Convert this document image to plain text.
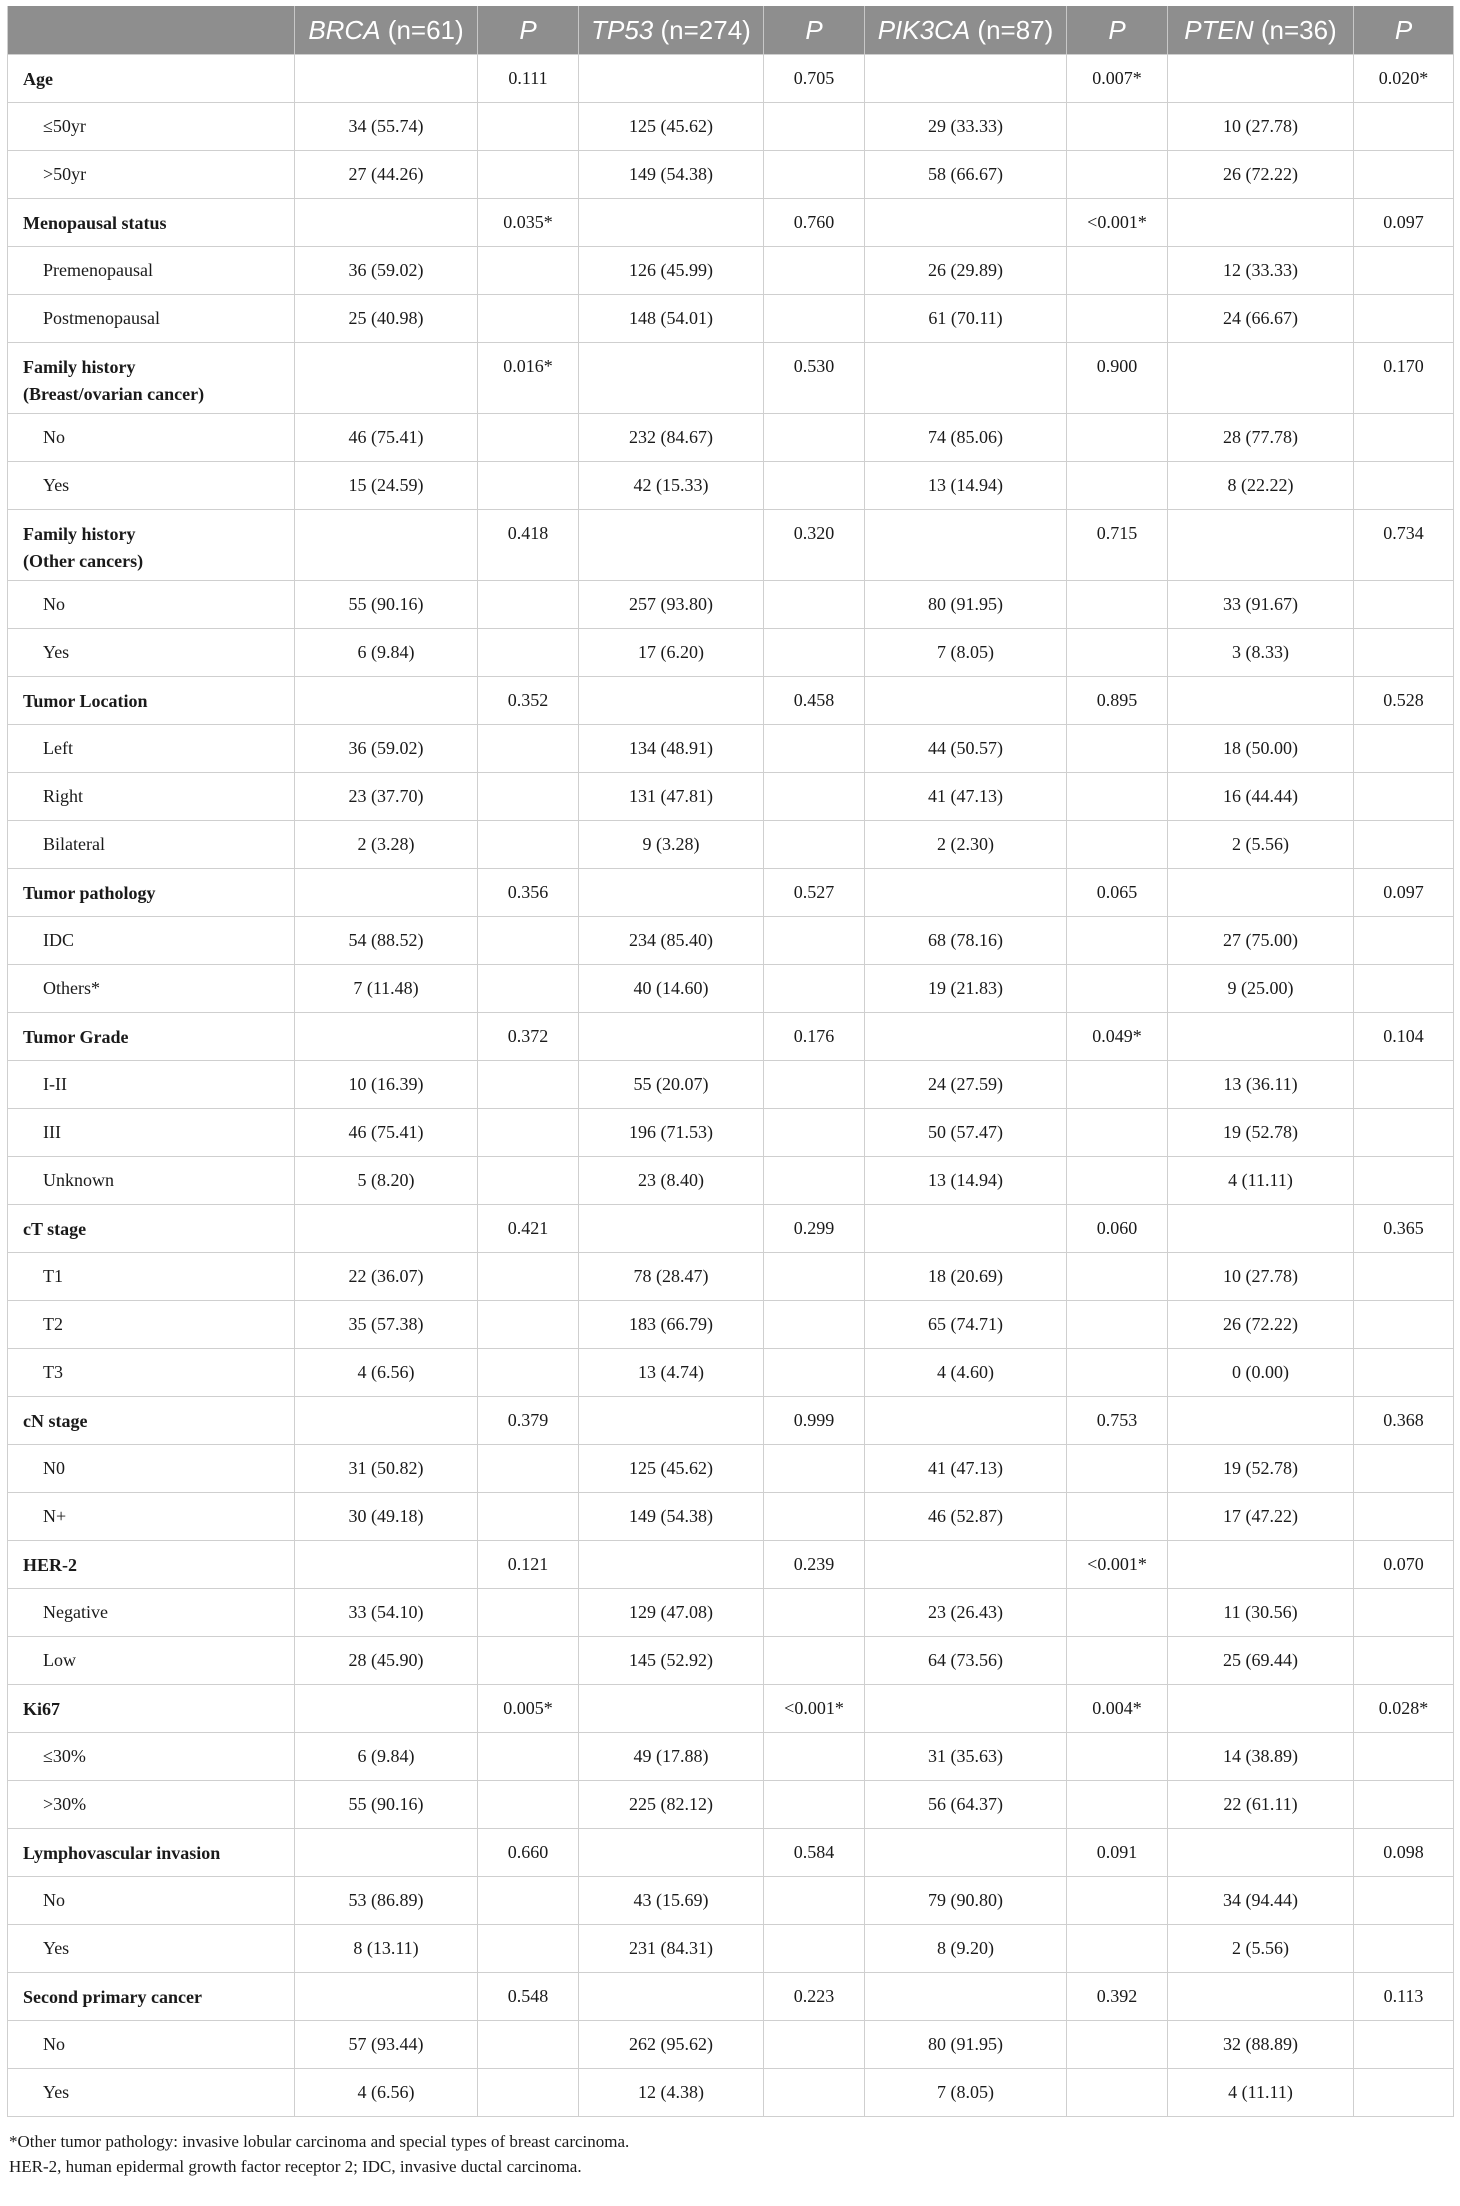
	BRCA (n=61)	P	TP53 (n=274)	P	PIK3CA (n=87)	P	PTEN (n=36)	P
Age		0.111		0.705		0.007*		0.020*
≤50yr	34 (55.74)		125 (45.62)		29 (33.33)		10 (27.78)	
>50yr	27 (44.26)		149 (54.38)		58 (66.67)		26 (72.22)	
Menopausal status		0.035*		0.760		<0.001*		0.097
Premenopausal	36 (59.02)		126 (45.99)		26 (29.89)		12 (33.33)	
Postmenopausal	25 (40.98)		148 (54.01)		61 (70.11)		24 (66.67)	
Family history
(Breast/ovarian cancer)		0.016*		0.530		0.900		0.170
No	46 (75.41)		232 (84.67)		74 (85.06)		28 (77.78)	
Yes	15 (24.59)		42 (15.33)		13 (14.94)		8 (22.22)	
Family history
(Other cancers)		0.418		0.320		0.715		0.734
No	55 (90.16)		257 (93.80)		80 (91.95)		33 (91.67)	
Yes	6 (9.84)		17 (6.20)		7 (8.05)		3 (8.33)	
Tumor Location		0.352		0.458		0.895		0.528
Left	36 (59.02)		134 (48.91)		44 (50.57)		18 (50.00)	
Right	23 (37.70)		131 (47.81)		41 (47.13)		16 (44.44)	
Bilateral	2 (3.28)		9 (3.28)		2 (2.30)		2 (5.56)	
Tumor pathology		0.356		0.527		0.065		0.097
IDC	54 (88.52)		234 (85.40)		68 (78.16)		27 (75.00)	
Others*	7 (11.48)		40 (14.60)		19 (21.83)		9 (25.00)	
Tumor Grade		0.372		0.176		0.049*		0.104
I-II	10 (16.39)		55 (20.07)		24 (27.59)		13 (36.11)	
III	46 (75.41)		196 (71.53)		50 (57.47)		19 (52.78)	
Unknown	5 (8.20)		23 (8.40)		13 (14.94)		4 (11.11)	
cT stage		0.421		0.299		0.060		0.365
T1	22 (36.07)		78 (28.47)		18 (20.69)		10 (27.78)	
T2	35 (57.38)		183 (66.79)		65 (74.71)		26 (72.22)	
T3	4 (6.56)		13 (4.74)		4 (4.60)		0 (0.00)	
cN stage		0.379		0.999		0.753		0.368
N0	31 (50.82)		125 (45.62)		41 (47.13)		19 (52.78)	
N+	30 (49.18)		149 (54.38)		46 (52.87)		17 (47.22)	
HER-2		0.121		0.239		<0.001*		0.070
Negative	33 (54.10)		129 (47.08)		23 (26.43)		11 (30.56)	
Low	28 (45.90)		145 (52.92)		64 (73.56)		25 (69.44)	
Ki67		0.005*		<0.001*		0.004*		0.028*
≤30%	6 (9.84)		49 (17.88)		31 (35.63)		14 (38.89)	
>30%	55 (90.16)		225 (82.12)		56 (64.37)		22 (61.11)	
Lymphovascular invasion		0.660		0.584		0.091		0.098
No	53 (86.89)		43 (15.69)		79 (90.80)		34 (94.44)	
Yes	8 (13.11)		231 (84.31)		8 (9.20)		2 (5.56)	
Second primary cancer		0.548		0.223		0.392		0.113
No	57 (93.44)		262 (95.62)		80 (91.95)		32 (88.89)	
Yes	4 (6.56)		12 (4.38)		7 (8.05)		4 (11.11)	
*Other tumor pathology: invasive lobular carcinoma and special types of breast carcinoma.
HER-2, human epidermal growth factor receptor 2; IDC, invasive ductal carcinoma.
